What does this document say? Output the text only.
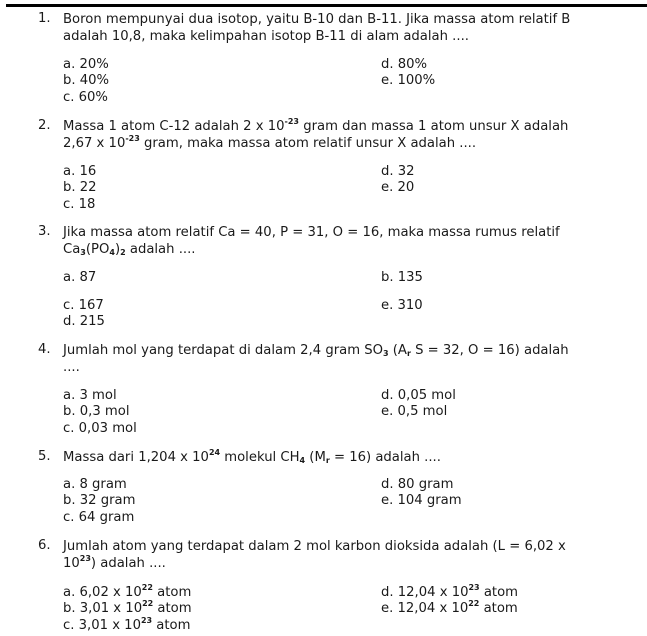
1. Boron mempunyai dua isotop, yaitu B-10 dan B-11. Jika massa atom relatif B
adalah 10,8, maka kelimpahan isotop B-11 di alam adalah ....
a. 20%
b. 40%
c. 60%
d. 80%
e. 100%
2. Massa 1 atom C-12 adalah 2 x $10^{-23}$ gram dan massa 1 atom unsur X adalah
2,67 x $10^{-23}$ gram, maka massa atom relatif unsur X adalah ....
a. 16
b. 22
c. 18
d. 32
e. 20
3. Jika massa atom relatif Ca = 40, P = 31, O = 16, maka massa rumus relatif
$Ca_3(PO_4)_2$ adalah ....
a. 87	b. 135
c. 167	e. 310
d. 215
4. Jumlah mol yang terdapat di dalam 2,4 gram $SO_3$ ($A_r$ S = 32, O = 16) adalah
....
a. 3 mol
b. 0,3 mol
c. 0,03 mol
d. 0,05 mol
e. 0,5 mol
5. Massa dari 1,204 x $10^{24}$ molekul $CH_4$ $(M_r = 16)$ adalah ....
a. 8 gram
b. 32 gram
c. 64 gram
d. 80 gram
e. 104 gram
6. Jumlah atom yang terdapat dalam 2 mol karbon dioksida adalah (L = 6,02 x
$10^{23}$) adalah ....
a. 6,02 x $10^{22}$ atom
b. 3,01 x $10^{22}$ atom
c. 3,01 x $10^{23}$ atom
d. 12,04 x $10^{23}$ atom
e. 12,04 x $10^{22}$ atom
